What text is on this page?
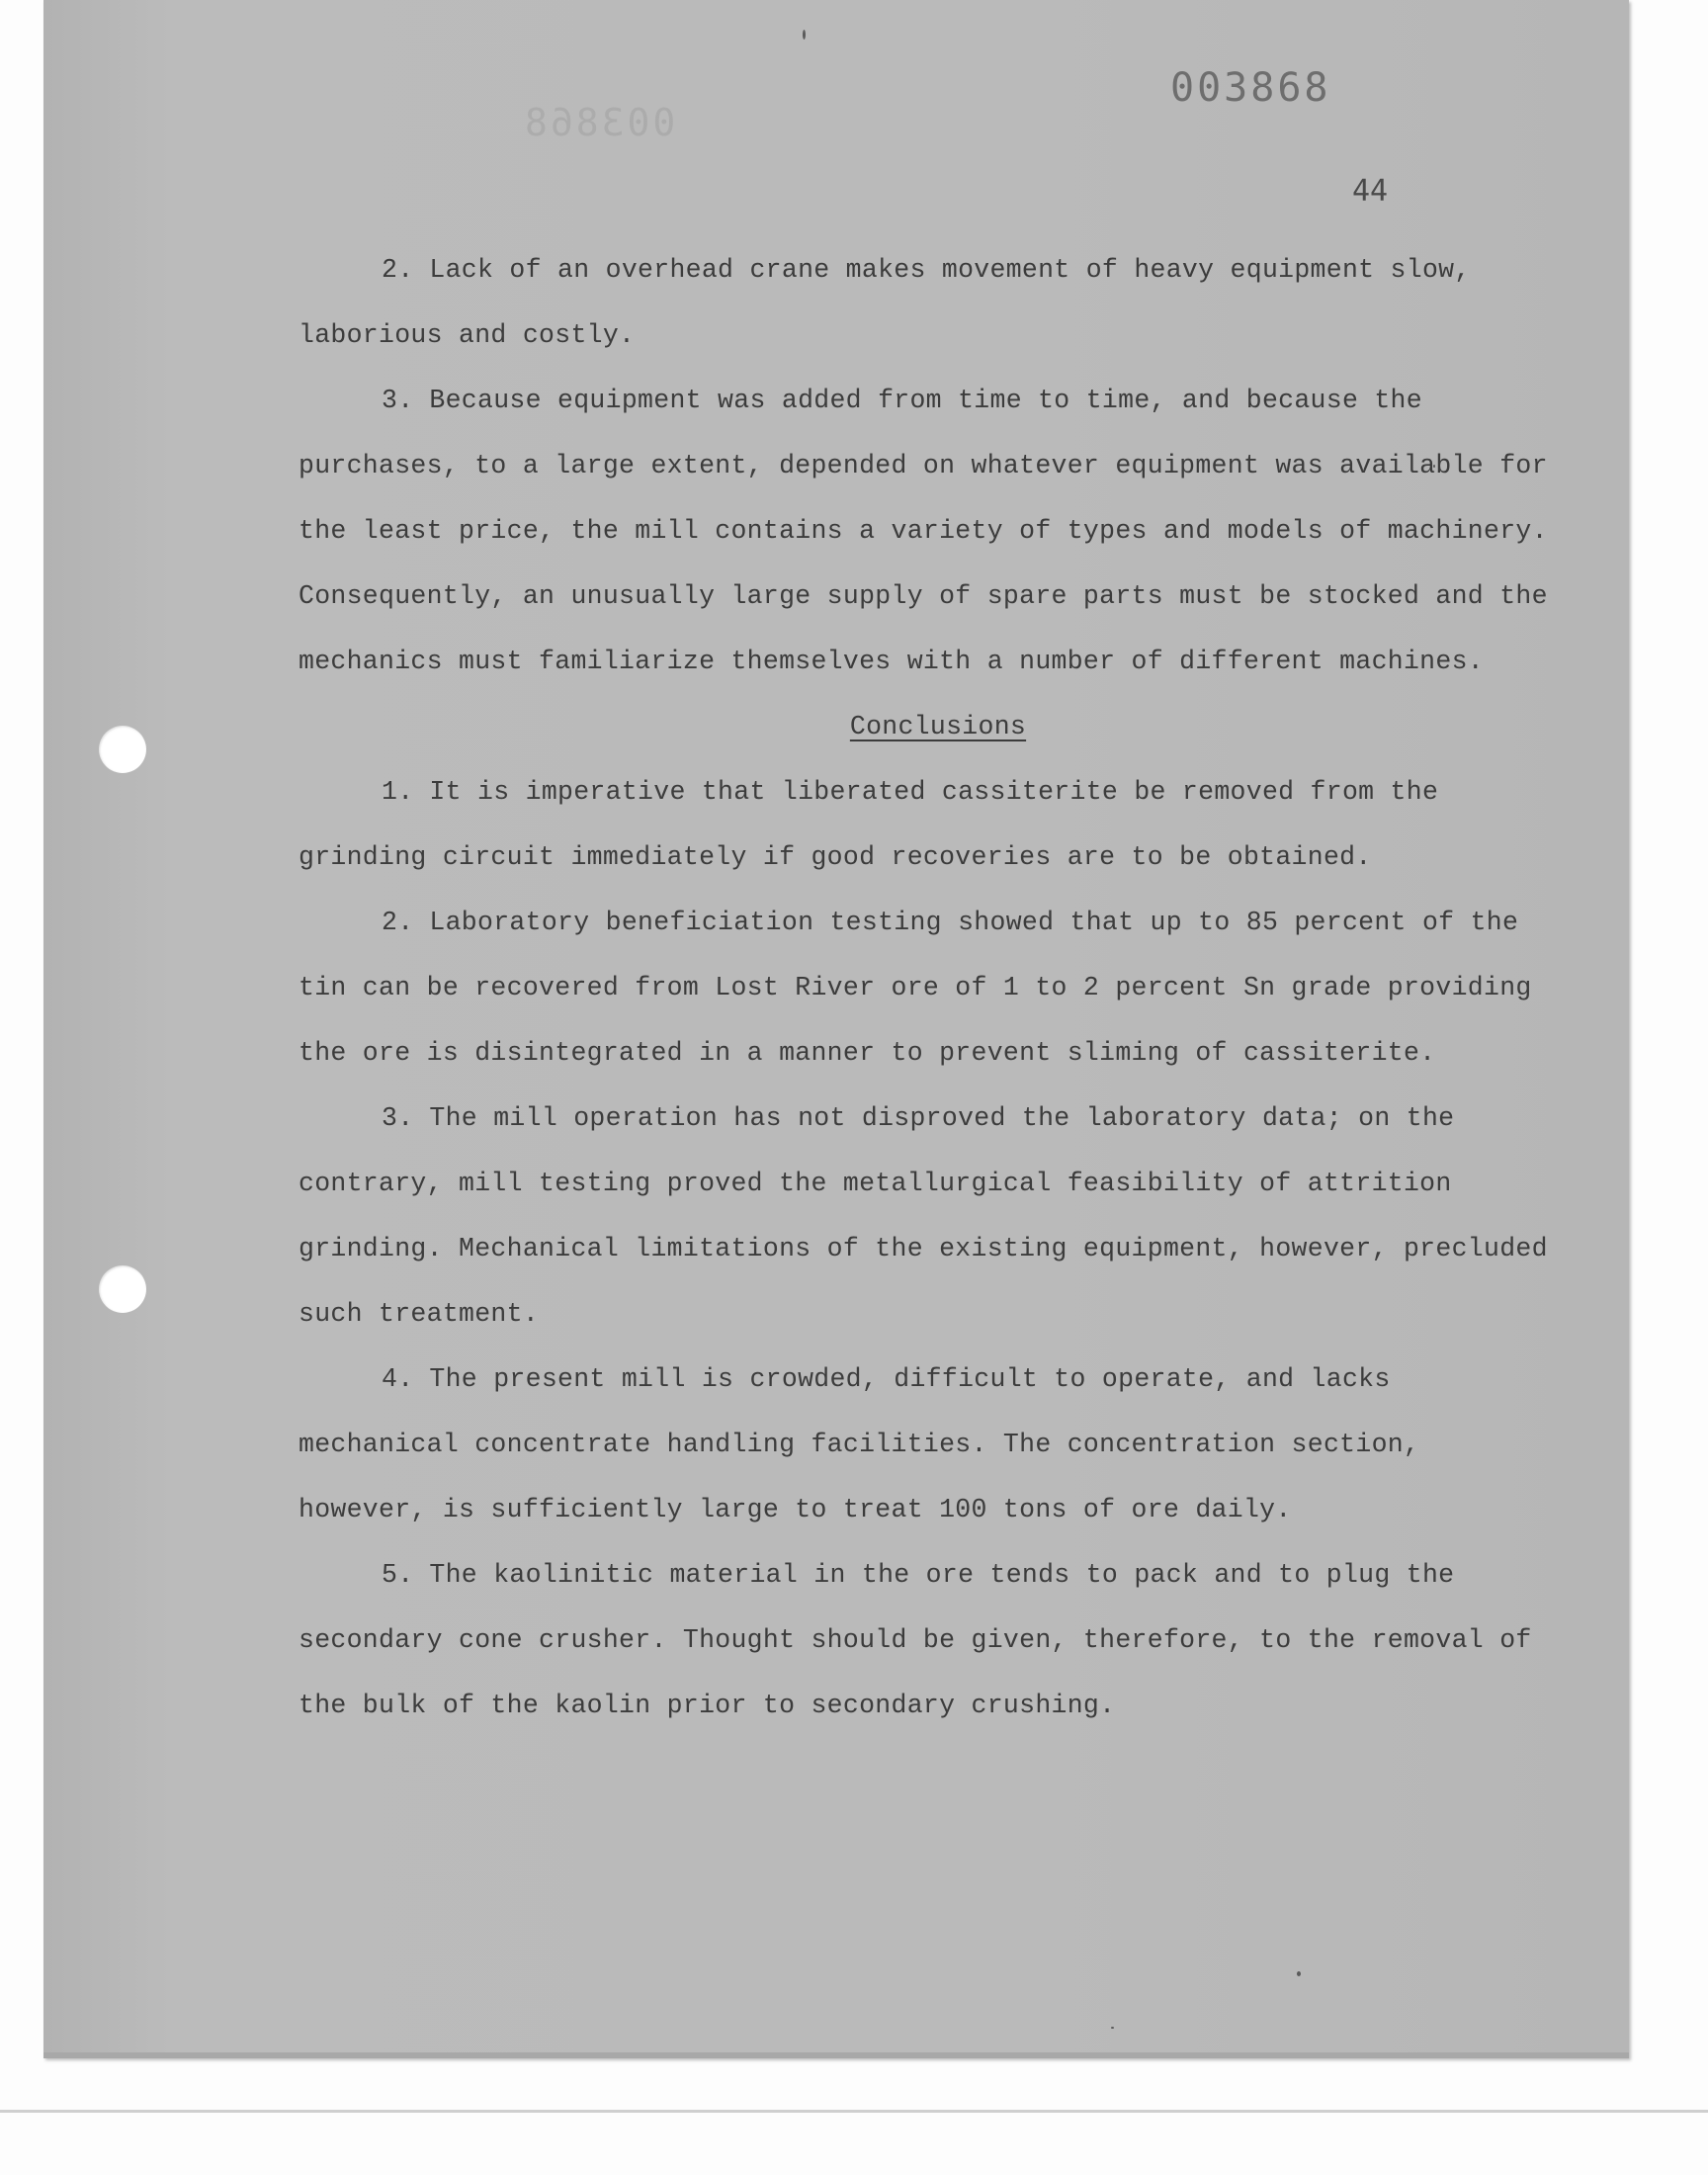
003868
003868
44

2. Lack of an overhead crane makes movement of heavy equipment slow, laborious and costly.

3. Because equipment was added from time to time, and because the purchases, to a large extent, depended on whatever equipment was available for the least price, the mill contains a variety of types and models of machinery. Consequently, an unusually large supply of spare parts must be stocked and the mechanics must familiarize themselves with a number of different machines.

Conclusions

1. It is imperative that liberated cassiterite be removed from the grinding circuit immediately if good recoveries are to be obtained.

2. Laboratory beneficiation testing showed that up to 85 percent of the tin can be recovered from Lost River ore of 1 to 2 percent Sn grade providing the ore is disintegrated in a manner to prevent sliming of cassiterite.

3. The mill operation has not disproved the laboratory data; on the contrary, mill testing proved the metallurgical feasibility of attrition grinding. Mechanical limitations of the existing equipment, however, precluded such treatment.

4. The present mill is crowded, difficult to operate, and lacks mechanical concentrate handling facilities. The concentration section, however, is sufficiently large to treat 100 tons of ore daily.

5. The kaolinitic material in the ore tends to pack and to plug the secondary cone crusher. Thought should be given, therefore, to the removal of the bulk of the kaolin prior to secondary crushing.
